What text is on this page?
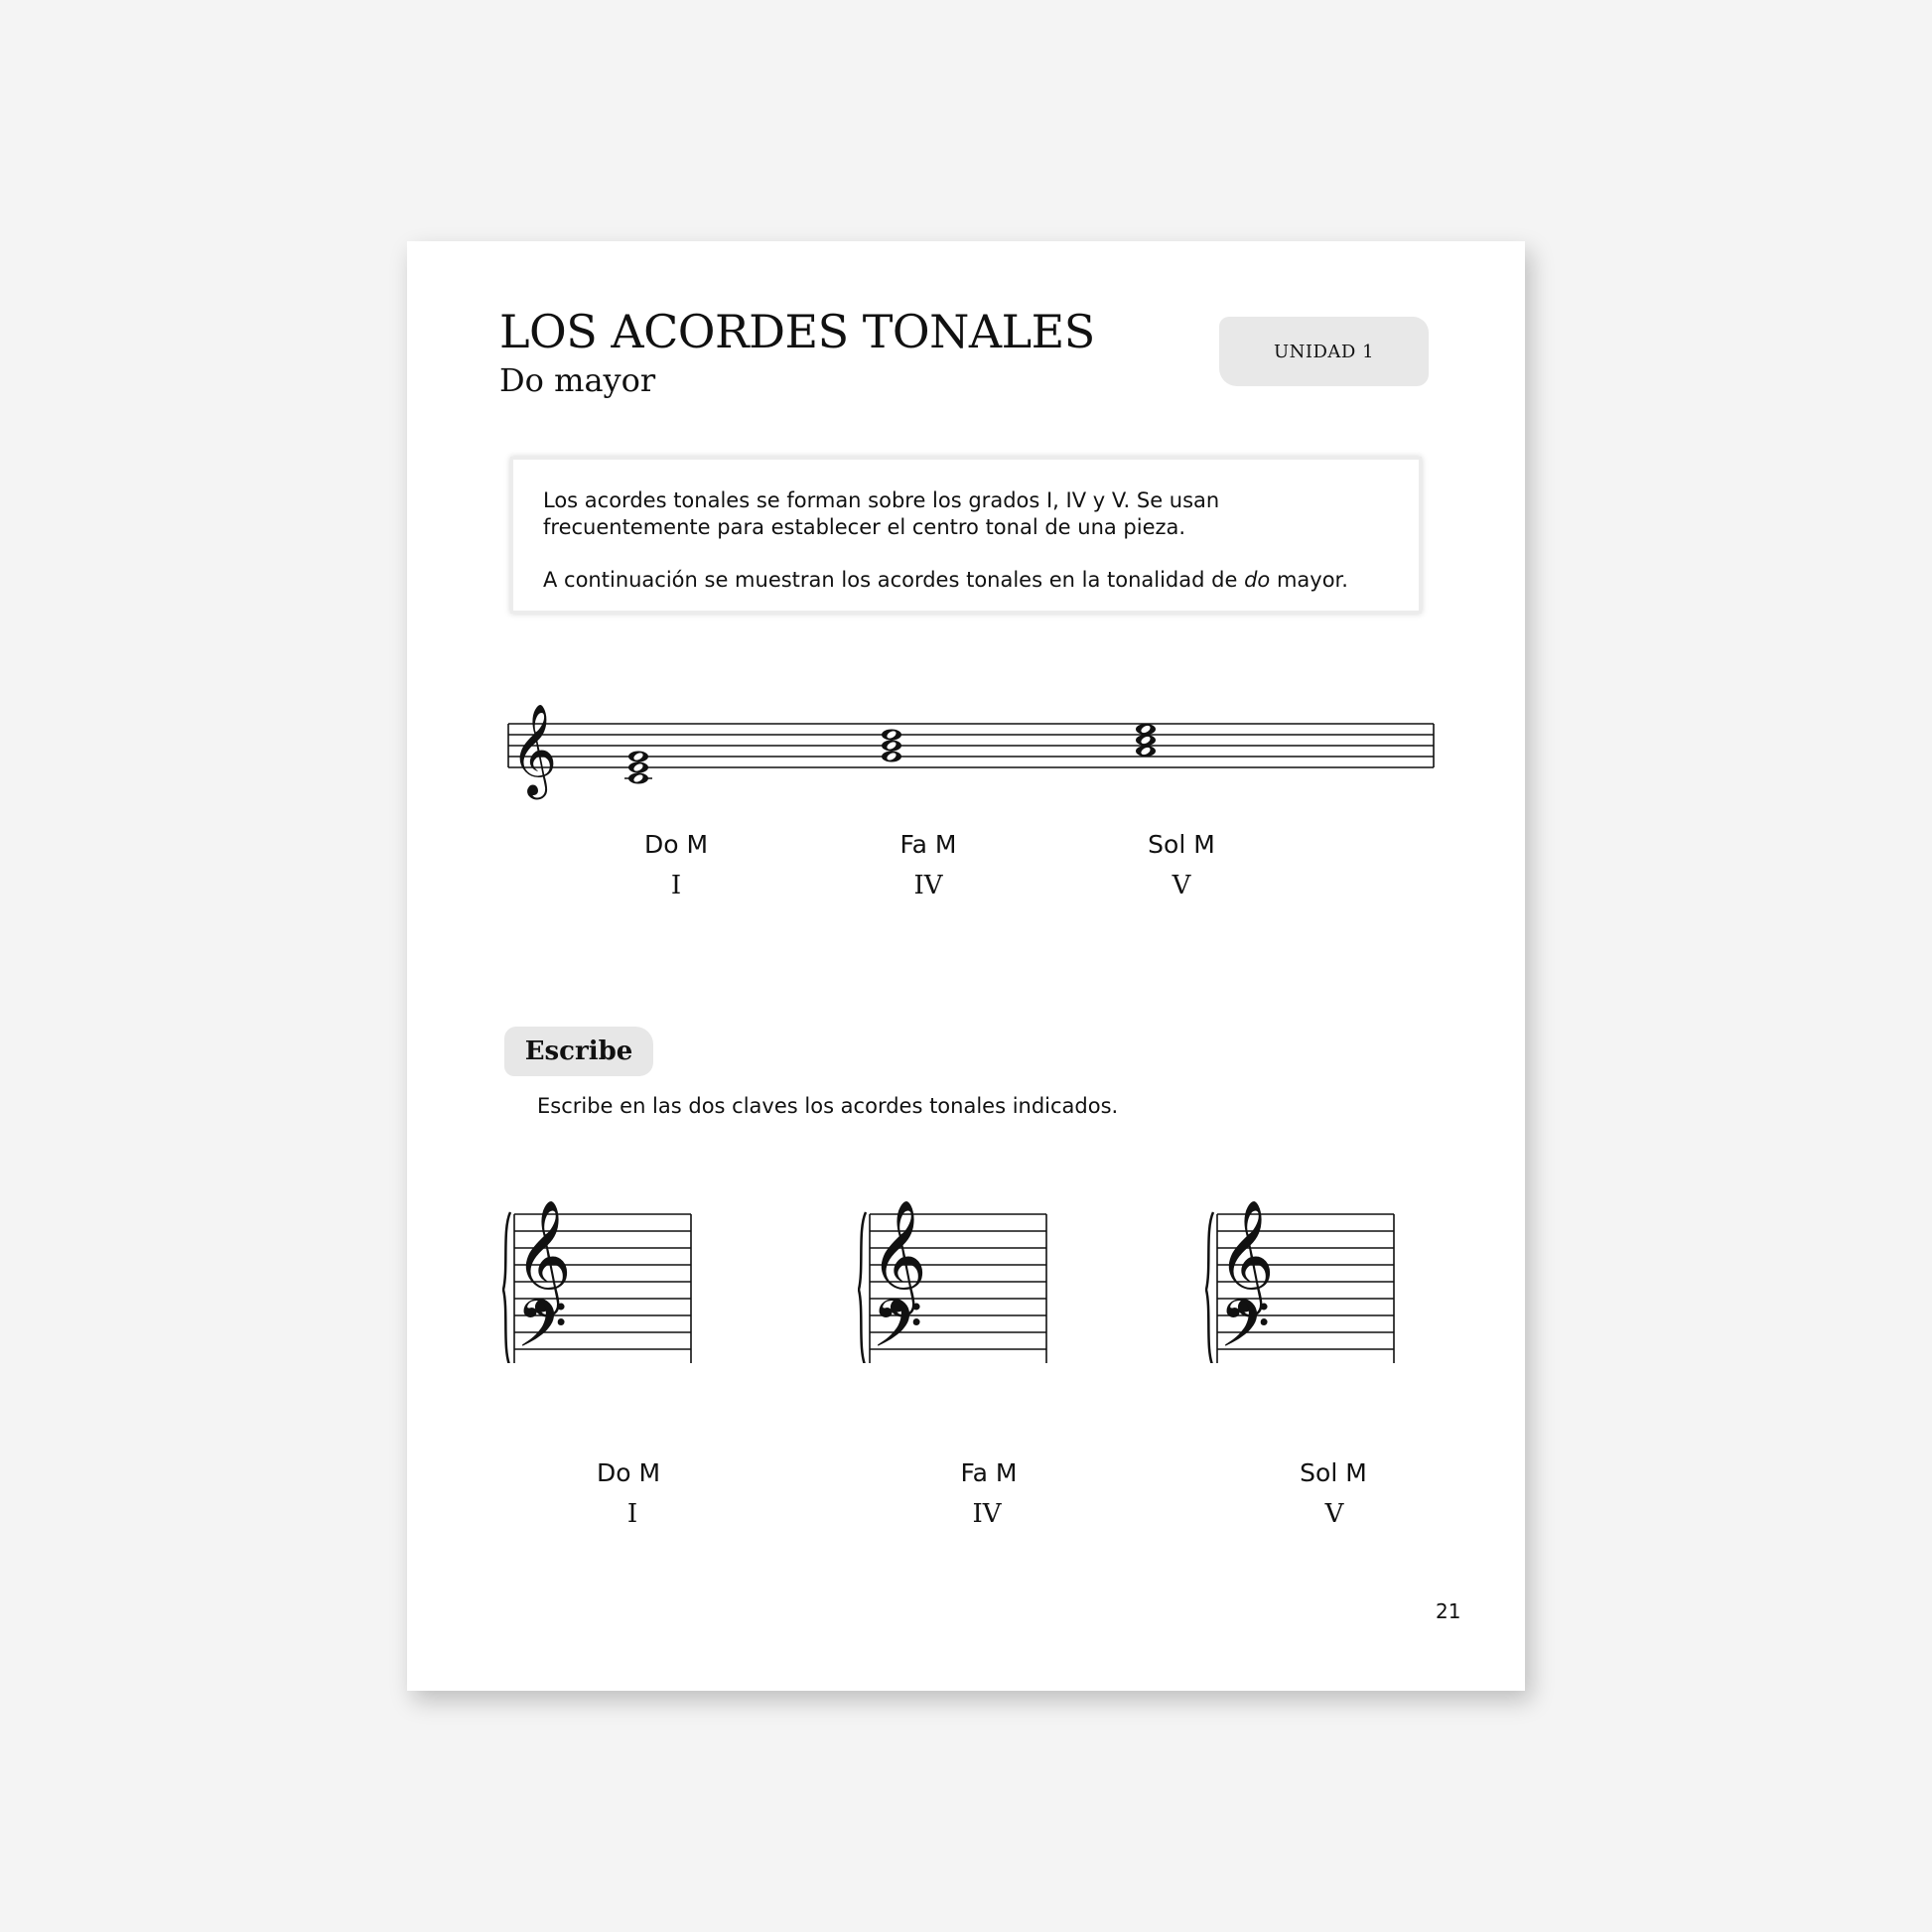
LOS ACORDES TONALES
Do mayor
UNIDAD 1

Los acordes tonales se forman sobre los grados I, IV y V. Se usan frecuentemente para establecer el centro tonal de una pieza.

A continuación se muestran los acordes tonales en la tonalidad de do mayor.

𝄞
Do M	Fa M	Sol M
I	IV	V
Escribe
Escribe en las dos claves los acordes tonales indicados.
𝄞
𝄢
𝄞
𝄢
𝄞
𝄢
Do M	Fa M	Sol M
I	IV	V
21
